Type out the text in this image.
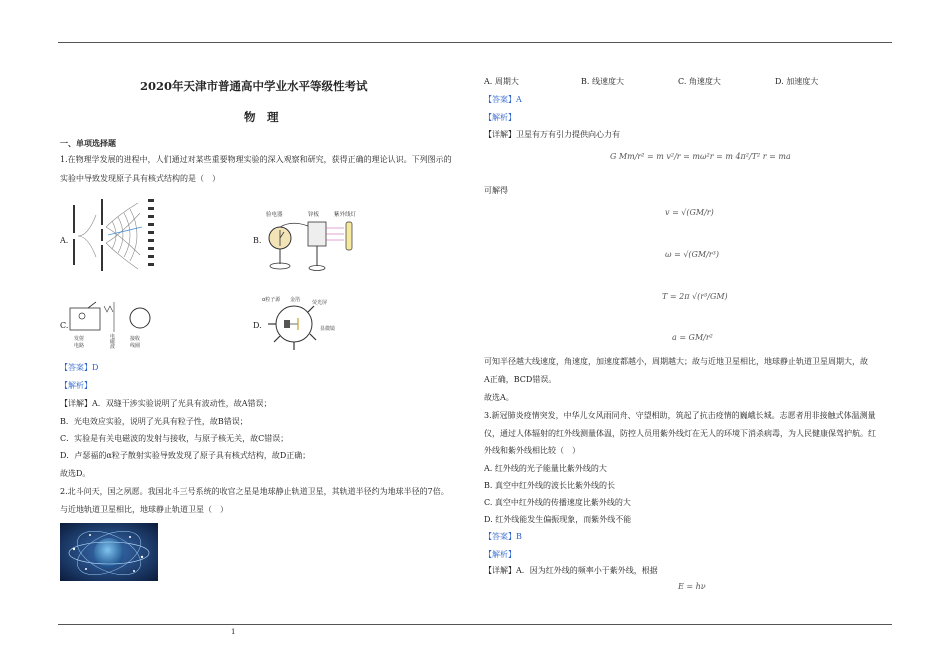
1
2020年天津市普通高中学业水平等级性考试
物　理
一、单项选择题
1.在物理学发展的进程中，人们通过对某些重要物理实验的深入观察和研究，获得正确的理论认识。下列图示的
实验中导致发现原子具有核式结构的是（　）
A.	B.
验电器	锌板	紫外线灯
C.
发射
电路
电
磁
波
接收
线圈
D.
α粒子源 金箔 荧光屏
显微镜
【答案】D
【解析】
【详解】A．双缝干涉实验说明了光具有波动性，故A错误；
B．光电效应实验，说明了光具有粒子性，故B错误；
C．实验是有关电磁波的发射与接收，与原子核无关，故C错误；
D．卢瑟福的α粒子散射实验导致发现了原子具有核式结构，故D正确；
故选D。
2.北斗问天，国之夙愿。我国北斗三号系统的收官之星是地球静止轨道卫星，其轨道半径约为地球半径的7倍。
与近地轨道卫星相比，地球静止轨道卫星（　）
A. 周期大	B. 线速度大	C. 角速度大	D. 加速度大
【答案】A
【解析】
【详解】卫星有万有引力提供向心力有
G Mm/r² = m v²/r = mω²r = m 4π²/T² r = ma
可解得
v = √(GM/r)
ω = √(GM/r³)
T = 2π √(r³/GM)
a = GM/r²
可知半径越大线速度，角速度，加速度都越小，周期越大；故与近地卫星相比，地球静止轨道卫星周期大，故
A正确，BCD错误。
故选A。
3.新冠肺炎疫情突发，中华儿女风雨同舟、守望相助，筑起了抗击疫情的巍峨长城。志愿者用非接触式体温测量
仪，通过人体辐射的红外线测量体温，防控人员用紫外线灯在无人的环境下消杀病毒，为人民健康保驾护航。红
外线和紫外线相比较（　）
A. 红外线的光子能量比紫外线的大
B. 真空中红外线的波长比紫外线的长
C. 真空中红外线的传播速度比紫外线的大
D. 红外线能发生偏振现象，而紫外线不能
【答案】B
【解析】
【详解】A．因为红外线的频率小于紫外线，根据
E = hν
